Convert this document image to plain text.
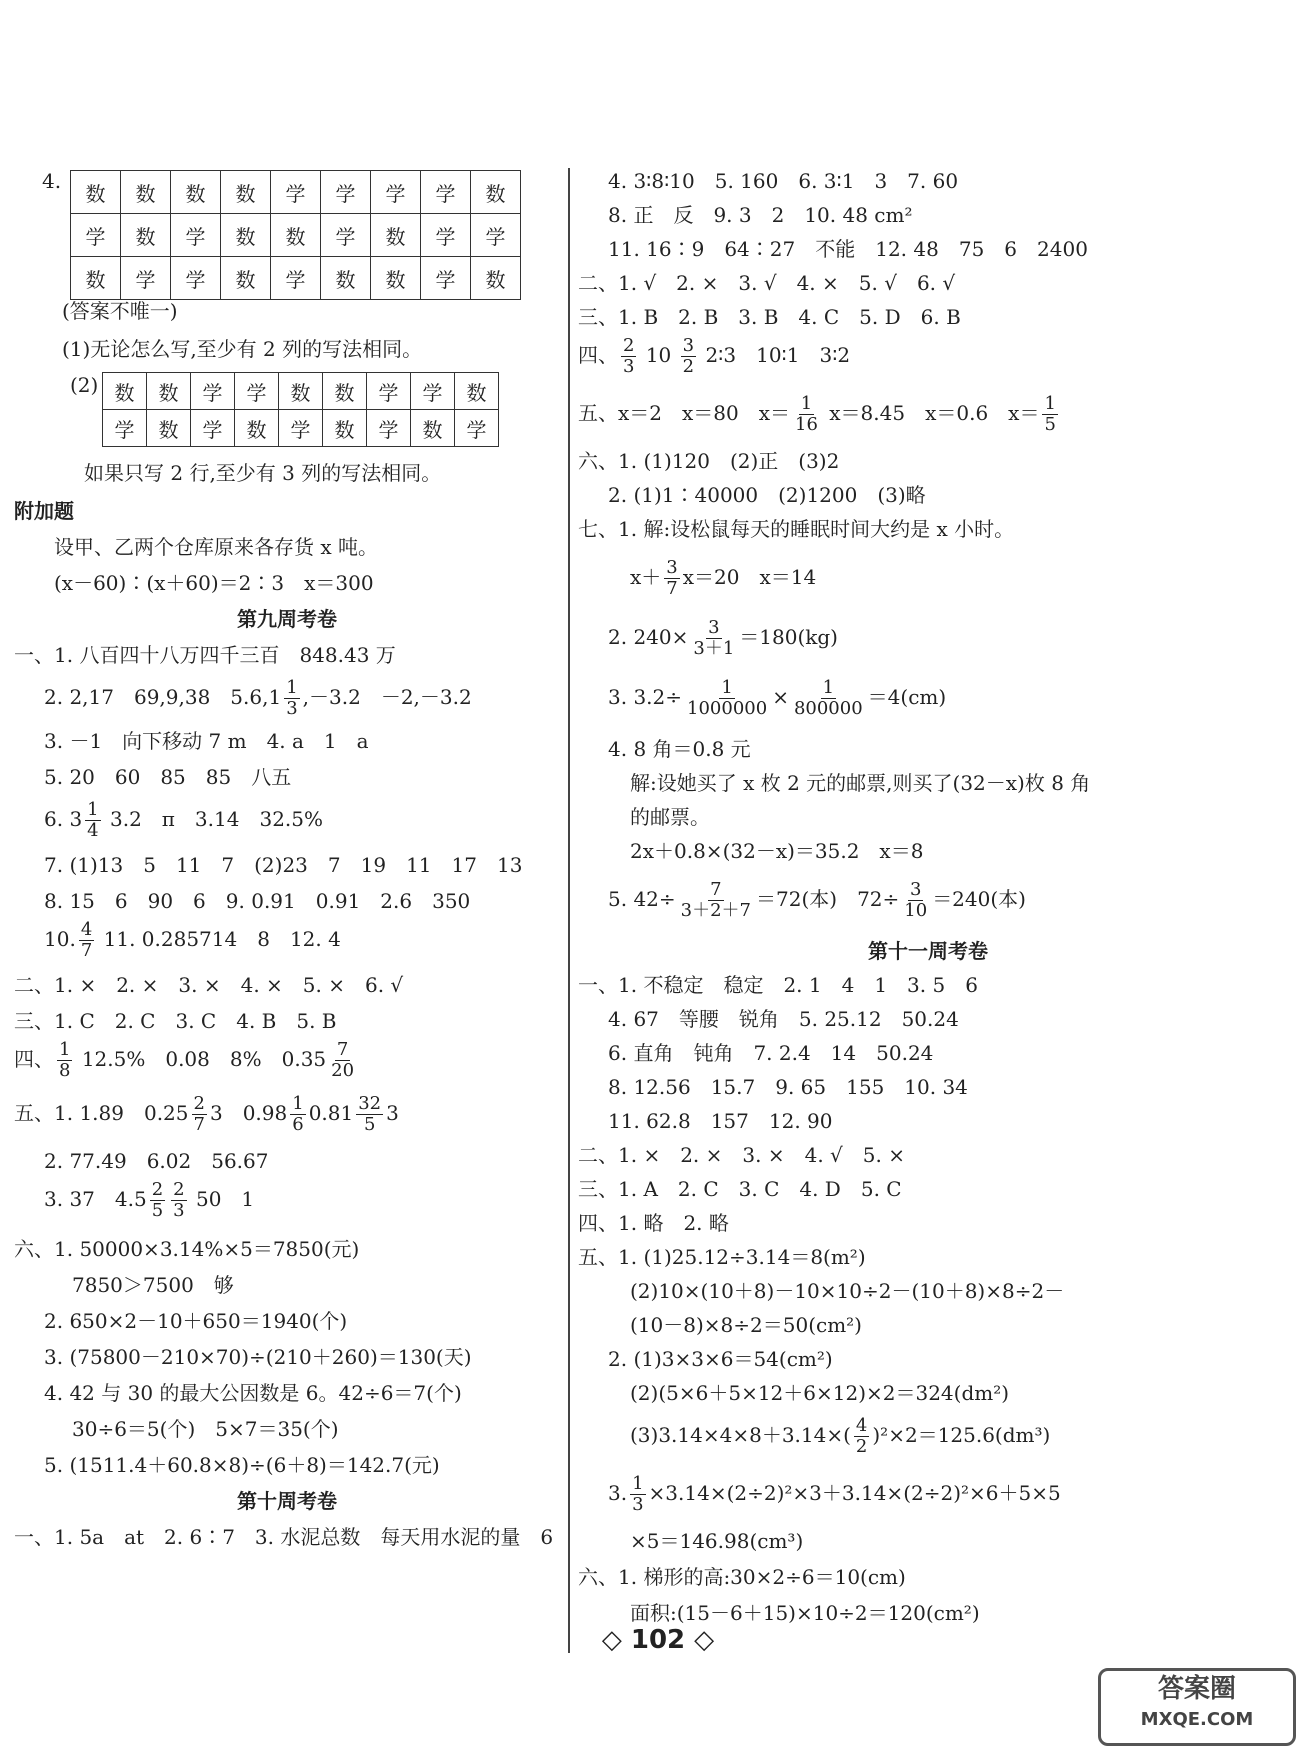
4.
数	数	数	数	学	学	学	学	数
学	数	学	数	数	学	数	学	学
数	学	学	数	学	数	数	学	数
(答案不唯一)
(1)无论怎么写,至少有 2 列的写法相同。
(2) 数	数	学	学	数	数	学	学	数
学	数	学	数	学	数	学	数	学
如果只写 2 行,至少有 3 列的写法相同。
附加题
设甲、乙两个仓库原来各存货 x 吨。
(x－60)∶(x＋60)＝2∶3　x＝300
第九周考卷
一、1. 八百四十八万四千三百　848.43 万
2. 2,17　69,9,38　$5.6,1 \frac{1}{3} ,-3.2$　－2,－3.2
3. －1　向下移动 7 m　4. a　1　a
5. 20　60　85　85　八五
6. $3 \frac{1}{4} 3.2$　π　3.14　32.5%
7. (1)13　5　11　7　(2)23　7　19　11　17　13
8. 15　6　90　6　9. 0.91　0.91　2.6　350
10. $\frac{4}{7} 11$. 0.285714　8　12. 4
二、1. ×　2. ×　3. ×　4. ×　5. ×　6. √
三、1. C　2. C　3. C　4. B　5. B
四、 $\frac{1}{8} 12.5\%$　0.08　8%　$0.35 \frac{7}{20}$
五、1. 1.89　$0.25 \frac{2}{7} 3$　$0.98 \frac{1}{6} 0.81 \frac{32}{5} 3$
2. 77.49　6.02　56.67
3. 37　$4.5 \frac{2}{5} \frac{2}{3} 50$　1
六、1. 50000×3.14%×5＝7850(元)
7850＞7500　够
2. 650×2－10＋650＝1940(个)
3. (75800－210×70)÷(210＋260)＝130(天)
4. 42 与 30 的最大公因数是 6。42÷6＝7(个)
30÷6＝5(个)　5×7＝35(个)
5. (1511.4＋60.8×8)÷(6＋8)＝142.7(元)
第十周考卷
一、1. 5a　at　2. 6∶7　3. 水泥总数　每天用水泥的量　6
4. 3∶8∶10　5. 160　6. 3∶1　3　7. 60
8. 正　反　9. 3　2　10. 48 cm²
11. 16∶9　64∶27　不能　12. 48　75　6　2400
二、1. √　2. ×　3. √　4. ×　5. √　6. √
三、1. B　2. B　3. B　4. C　5. D　6. B
四、 $\frac{2}{3} 10 \frac{3}{2}$ 2∶3　10∶1　3∶2
五、x＝2　x＝80　$x= \frac{1}{16} x=8.45$　x＝0.6　$x= \frac{1}{5}$
六、1. (1)120　(2)正　(3)2
2. (1)1∶40000　(2)1200　(3)略
七、1. 解:设松鼠每天的睡眠时间大约是 x 小时。
$x+ \frac{3}{7} x=20$　x＝14
2. $240\times \frac{3}{3+1} =180(kg)$
3. $3.2\div \frac{1}{1000000} \times \frac{1}{800000} =4(cm)$
4. 8 角＝0.8 元
解:设她买了 x 枚 2 元的邮票,则买了(32－x)枚 8 角
的邮票。
2x＋0.8×(32－x)＝35.2　x＝8
5. $42\div \frac{7}{3+2+7} =72$(本)　$72\div \frac{3}{10} =240$(本)
第十一周考卷
一、1. 不稳定　稳定　2. 1　4　1　3. 5　6
4. 67　等腰　锐角　5. 25.12　50.24
6. 直角　钝角　7. 2.4　14　50.24
8. 12.56　15.7　9. 65　155　10. 34
11. 62.8　157　12. 90
二、1. ×　2. ×　3. ×　4. √　5. ×
三、1. A　2. C　3. C　4. D　5. C
四、1. 略　2. 略
五、1. (1)25.12÷3.14＝8(m²)
(2)10×(10＋8)－10×10÷2－(10＋8)×8÷2－
(10－8)×8÷2＝50(cm²)
2. (1)3×3×6＝54(cm²)
(2)(5×6＋5×12＋6×12)×2＝324(dm²)
$(3)3.14\times 4\times 8+3.14\times( \frac{4}{2} )^2\times 2=125.6(dm^3)$
3. $\frac{1}{3} \times 3.14\times(2\div 2)^2\times 3+3.14\times(2\div 2)^2\times 6+5\times 5$
×5＝146.98(cm³)
六、1. 梯形的高:30×2÷6＝10(cm)
面积:(15－6＋15)×10÷2＝120(cm²)
◇ 102 ◇
答案圈
MXQE.COM
